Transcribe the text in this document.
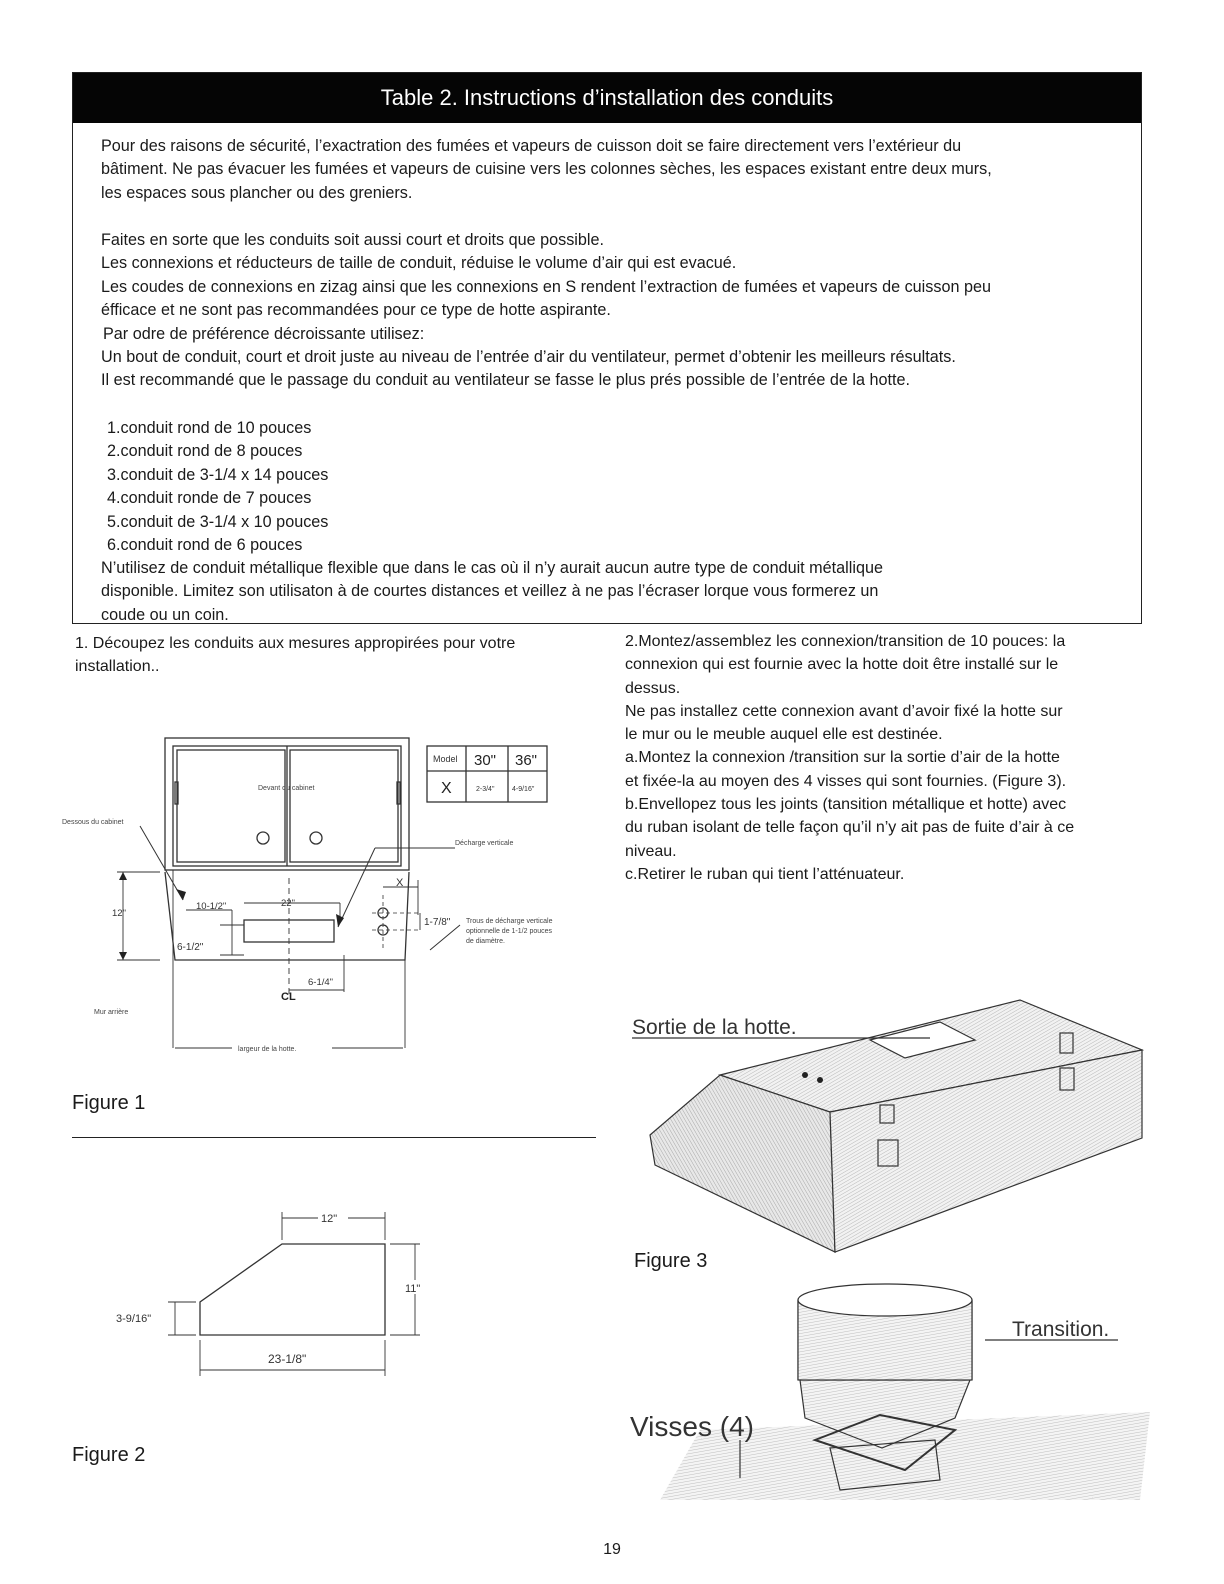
Table 2. Instructions d’installation des conduits

Pour des raisons de sécurité, l’exactration des fumées et vapeurs de cuisson doit se faire directement vers l’extérieur du

bâtiment. Ne pas évacuer les fumées et vapeurs de cuisine vers les colonnes sèches, les espaces existant entre deux murs,

les espaces sous plancher ou des greniers.

Faites en sorte que les conduits soit aussi court et droits que possible.

Les connexions et réducteurs de taille de conduit, réduise le volume d’air qui est evacué.

Les coudes de connexions en zizag ainsi que les connexions en S rendent l’extraction de fumées et vapeurs de cuisson peu

éfficace et ne sont pas recommandées pour ce type de hotte aspirante.

Par odre de préférence décroissante utilisez:

Un bout de conduit, court et droit juste au niveau de l’entrée d’air du ventilateur, permet d’obtenir les meilleurs résultats.

Il est recommandé que le passage du conduit au ventilateur se fasse le plus prés possible de l’entrée de la hotte.

1.conduit rond de 10 pouces

2.conduit rond de 8 pouces

3.conduit de 3-1/4 x 14 pouces

4.conduit ronde de 7 pouces

5.conduit de 3-1/4 x 10 pouces

6.conduit rond de 6 pouces

N’utilisez de conduit métallique flexible que dans le cas où il n’y aurait aucun autre type de conduit métallique

disponible. Limitez son utilisaton à de courtes distances et veillez à ne pas l’écraser lorque vous formerez un

coude ou un coin.

1. Découpez les conduits aux mesures appropirées pour votre

installation..

2.Montez/assemblez les connexion/transition de 10 pouces: la

connexion qui est fournie avec la hotte doit être installé sur le

dessus.

Ne pas installez cette connexion avant d’avoir fixé la hotte sur

le mur ou le meuble auquel elle est destinée.

a.Montez la connexion /transition sur la sortie d’air de la hotte

et fixée-la au moyen des 4 visses qui sont fournies. (Figure 3).

b.Envellopez tous les joints (tansition métallique et hotte) avec

du ruban isolant de telle façon qu’il n’y ait pas de fuite d’air à ce

niveau.

c.Retirer le ruban qui tient l’atténuateur.

Devant du cabinet
Dessous du cabinet
Décharge verticale
X
Trous de décharge verticale
optionnelle de 1-1/2 pouces
de diamètre.
12"
10-1/2"	22"
1-7/8"
6-1/2"
6-1/4"
CL
Mur arrière
largeur de la hotte.
Model 30" 36"
X	2-3/4"	4-9/16"
Figure 1
12"
11"
3-9/16"
23-1/8"
Figure 2
Sortie de la hotte.
Figure 3
Transition.
Visses (4)
19
